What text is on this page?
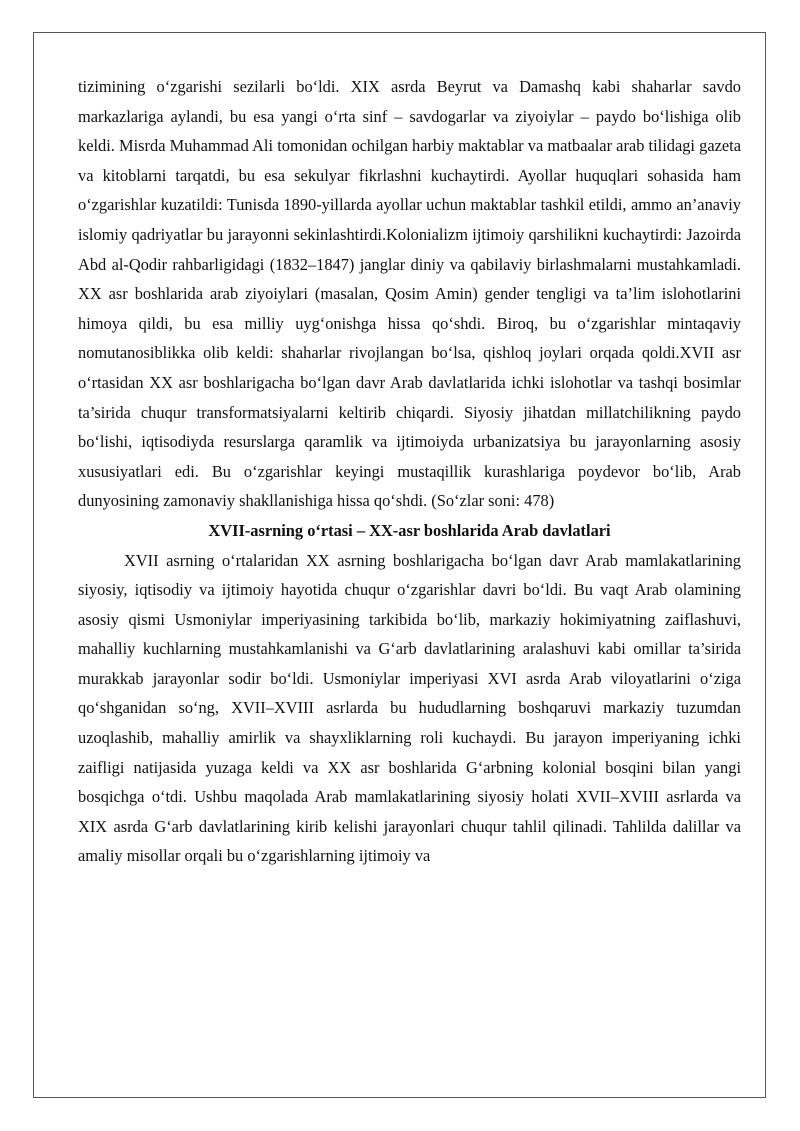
tizimining o‘zgarishi sezilarli bo‘ldi. XIX asrda Beyrut va Damashq kabi shaharlar savdo markazlariga aylandi, bu esa yangi o‘rta sinf – savdogarlar va ziyoiylar – paydo bo‘lishiga olib keldi. Misrda Muhammad Ali tomonidan ochilgan harbiy maktablar va matbaalar arab tilidagi gazeta va kitoblarni tarqatdi, bu esa sekulyar fikrlashni kuchaytirdi. Ayollar huquqlari sohasida ham o‘zgarishlar kuzatildi: Tunisda 1890-yillarda ayollar uchun maktablar tashkil etildi, ammo an’anaviy islomiy qadriyatlar bu jarayonni sekinlashtirdi.Kolonializm ijtimoiy qarshilikni kuchaytirdi: Jazoirda Abd al-Qodir rahbarligidagi (1832–1847) janglar diniy va qabilaviy birlashmalarni mustahkamladi. XX asr boshlarida arab ziyoiylari (masalan, Qosim Amin) gender tengligi va ta’lim islohotlarini himoya qildi, bu esa milliy uyg‘onishga hissa qo‘shdi. Biroq, bu o‘zgarishlar mintaqaviy nomutanosiblikka olib keldi: shaharlar rivojlangan bo‘lsa, qishloq joylari orqada qoldi.XVII asr o‘rtasidan XX asr boshlarigacha bo‘lgan davr Arab davlatlarida ichki islohotlar va tashqi bosimlar ta’sirida chuqur transformatsiyalarni keltirib chiqardi. Siyosiy jihatdan millatchilikning paydo bo‘lishi, iqtisodiyda resurslarga qaramlik va ijtimoiyda urbanizatsiya bu jarayonlarning asosiy xususiyatlari edi. Bu o‘zgarishlar keyingi mustaqillik kurashlariga poydevor bo‘lib, Arab dunyosining zamonaviy shakllanishiga hissa qo‘shdi. (So‘zlar soni: 478)

XVII-asrning o‘rtasi – XX-asr boshlarida Arab davlatlari

XVII asrning o‘rtalaridan XX asrning boshlarigacha bo‘lgan davr Arab mamlakatlarining siyosiy, iqtisodiy va ijtimoiy hayotida chuqur o‘zgarishlar davri bo‘ldi. Bu vaqt Arab olamining asosiy qismi Usmoniylar imperiyasining tarkibida bo‘lib, markaziy hokimiyatning zaiflashuvi, mahalliy kuchlarning mustahkamlanishi va G‘arb davlatlarining aralashuvi kabi omillar ta’sirida murakkab jarayonlar sodir bo‘ldi. Usmoniylar imperiyasi XVI asrda Arab viloyatlarini o‘ziga qo‘shganidan so‘ng, XVII–XVIII asrlarda bu hududlarning boshqaruvi markaziy tuzumdan uzoqlashib, mahalliy amirlik va shayxliklarning roli kuchaydi. Bu jarayon imperiyaning ichki zaifligi natijasida yuzaga keldi va XX asr boshlarida G‘arbning kolonial bosqini bilan yangi bosqichga o‘tdi. Ushbu maqolada Arab mamlakatlarining siyosiy holati XVII–XVIII asrlarda va XIX asrda G‘arb davlatlarining kirib kelishi jarayonlari chuqur tahlil qilinadi. Tahlilda dalillar va amaliy misollar orqali bu o‘zgarishlarning ijtimoiy va
